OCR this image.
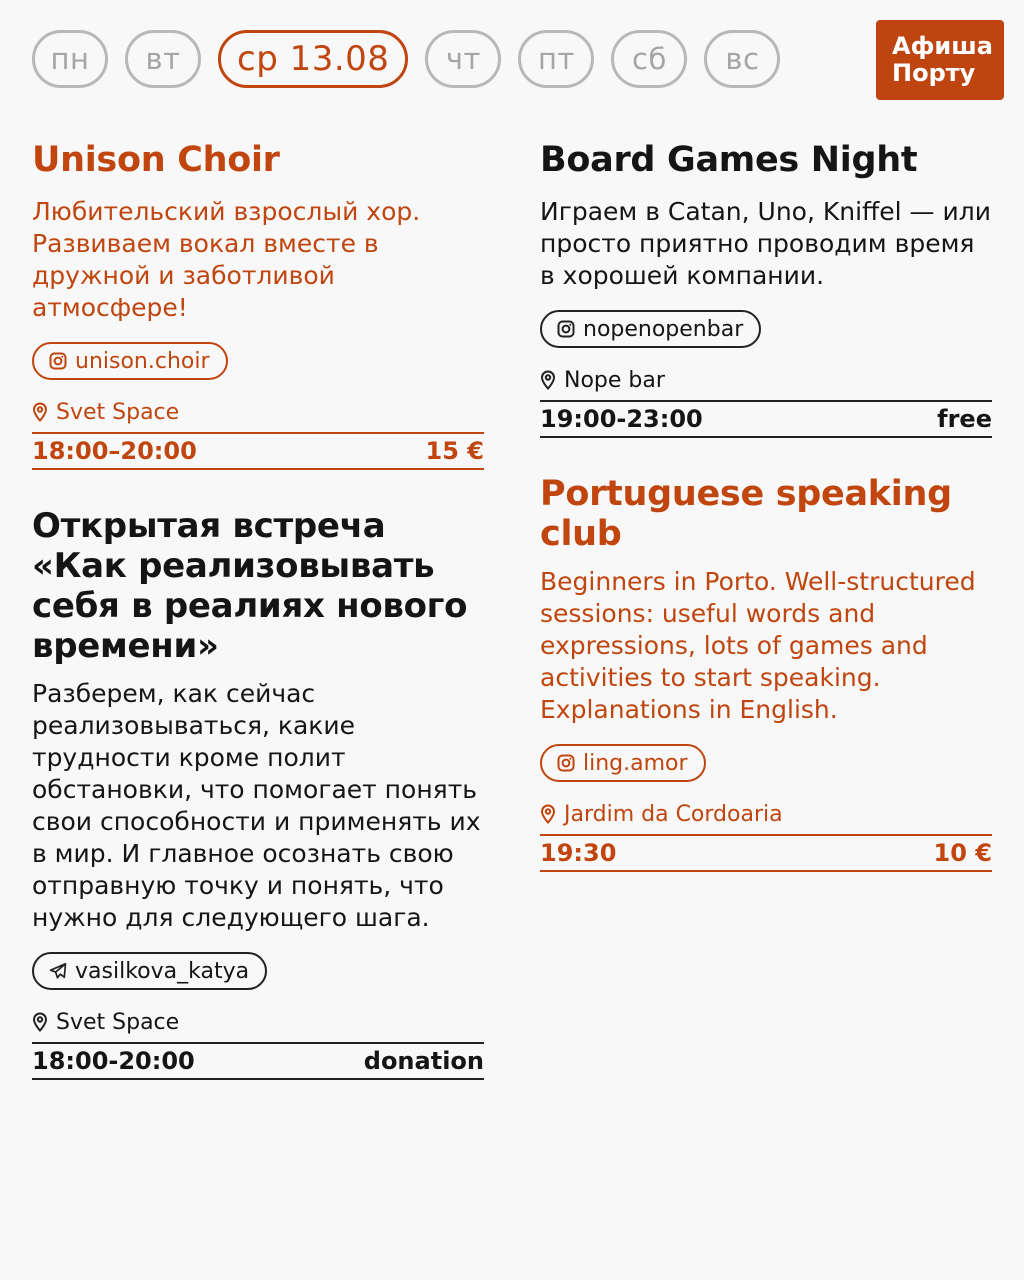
пн	вт	ср 13.08	чт	пт	сб	вс	Афиша
Порту
Unison Choir
Любительский взрослый хор. Развиваем вокал вместе в дружной и заботливой атмосфере!
unison.choir
Svet Space
18:00–20:00	15 €
Открытая встреча «Как реализовывать себя в реалиях нового времени»
Разберем, как сейчас реализовываться, какие трудности кроме полит обстановки, что помогает понять свои способности и применять их в мир. И главное осознать свою отправную точку и понять, что нужно для следующего шага.
vasilkova_katya
Svet Space
18:00-20:00	donation
Board Games Night
Играем в Catan, Uno, Kniffel — или просто приятно проводим время в хорошей компании.
nopenopenbar
Nope bar
19:00-23:00	free
Portuguese speaking club
Beginners in Porto. Well-structured sessions: useful words and expressions, lots of games and activities to start speaking. Explanations in English.
ling.amor
Jardim da Cordoaria
19:30	10 €
